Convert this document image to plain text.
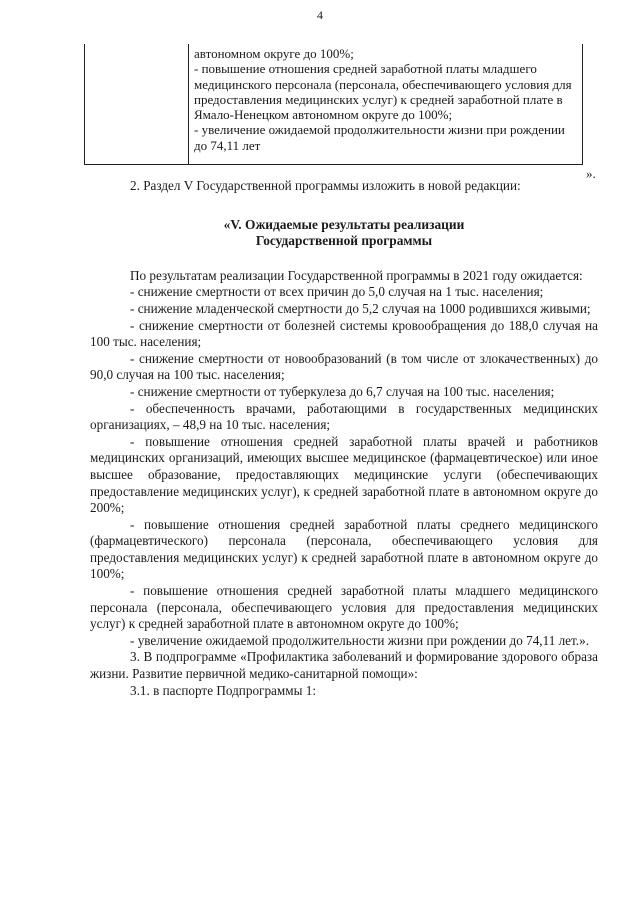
4

автономном округе до 100%;

- повышение отношения средней заработной платы младшего медицинского персонала (персонала, обеспечивающего условия для предоставления медицинских услуг) к средней заработной плате в Ямало-Ненецком автономном округе до 100%;

- увеличение ожидаемой продолжительности жизни при рождении до 74,11 лет

».

2. Раздел V Государственной программы изложить в новой редакции:

«V. Ожидаемые результаты реализации
Государственной программы

По результатам реализации Государственной программы в 2021 году ожидается:

- снижение смертности от всех причин до 5,0 случая на 1 тыс. населения;

- снижение младенческой смертности до 5,2 случая на 1000 родившихся живыми;

- снижение смертности от болезней системы кровообращения до 188,0 случая на 100 тыс. населения;

- снижение смертности от новообразований (в том числе от злокачественных) до 90,0 случая на 100 тыс. населения;

- снижение смертности от туберкулеза до 6,7 случая на 100 тыс. населения;

- обеспеченность врачами, работающими в государственных медицинских организациях, – 48,9 на 10 тыс. населения;

- повышение отношения средней заработной платы врачей и работников медицинских организаций, имеющих высшее медицинское (фармацевтическое) или иное высшее образование, предоставляющих медицинские услуги (обеспечивающих предоставление медицинских услуг), к средней заработной плате в автономном округе до 200%;

- повышение отношения средней заработной платы среднего медицинского (фармацевтического) персонала (персонала, обеспечивающего условия для предоставления медицинских услуг) к средней заработной плате в автономном округе до 100%;

- повышение отношения средней заработной платы младшего медицинского персонала (персонала, обеспечивающего условия для предоставления медицинских услуг) к средней заработной плате в автономном округе до 100%;

- увеличение ожидаемой продолжительности жизни при рождении до 74,11 лет.».

3. В подпрограмме «Профилактика заболеваний и формирование здорового образа жизни. Развитие первичной медико-санитарной помощи»:

3.1. в паспорте Подпрограммы 1:
